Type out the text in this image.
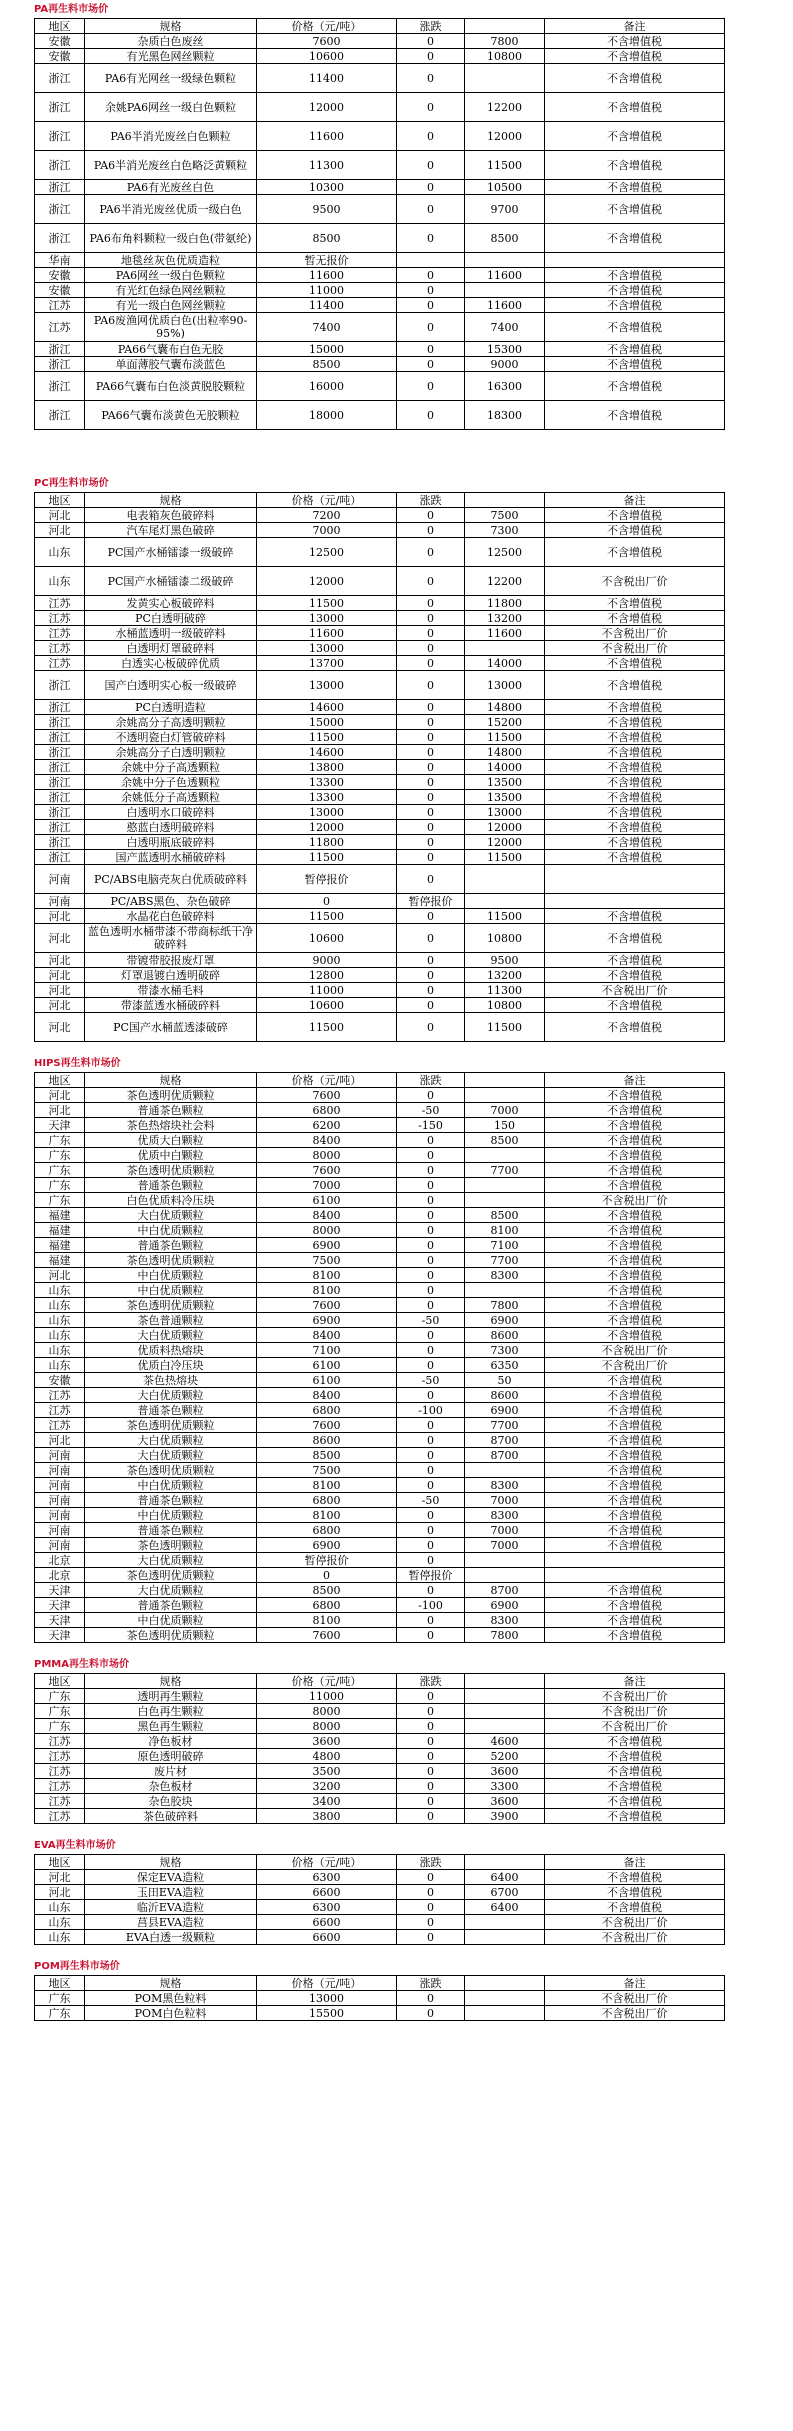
PA再生料市场价
地区	规格	价格（元/吨）	涨跌		备注
安徽	杂质白色废丝	7600	0	7800	不含增值税
安徽	有光黑色网丝颗粒	10600	0	10800	不含增值税
浙江	PA6有光网丝一级绿色颗粒	11400	0		不含增值税
浙江	余姚PA6网丝一级白色颗粒	12000	0	12200	不含增值税
浙江	PA6半消光废丝白色颗粒	11600	0	12000	不含增值税
浙江	PA6半消光废丝白色略泛黄颗粒	11300	0	11500	不含增值税
浙江	PA6有光废丝白色	10300	0	10500	不含增值税
浙江	PA6半消光废丝优质一级白色	9500	0	9700	不含增值税
浙江	PA6布角料颗粒一级白色(带氨纶)	8500	0	8500	不含增值税
华南	地毯丝灰色优质造粒	暂无报价			
安徽	PA6网丝一级白色颗粒	11600	0	11600	不含增值税
安徽	有光红色绿色网丝颗粒	11000	0		不含增值税
江苏	有光一级白色网丝颗粒	11400	0	11600	不含增值税
江苏	PA6废渔网优质白色(出粒率90-95%)	7400	0	7400	不含增值税
浙江	PA66气囊布白色无胶	15000	0	15300	不含增值税
浙江	单面薄胶气囊布淡蓝色	8500	0	9000	不含增值税
浙江	PA66气囊布白色淡黄脱胶颗粒	16000	0	16300	不含增值税
浙江	PA66气囊布淡黄色无胶颗粒	18000	0	18300	不含增值税
PC再生料市场价
地区	规格	价格（元/吨）	涨跌		备注
河北	电表箱灰色破碎料	7200	0	7500	不含增值税
河北	汽车尾灯黑色破碎	7000	0	7300	不含增值税
山东	PC国产水桶镭漆一级破碎	12500	0	12500	不含增值税
山东	PC国产水桶镭漆二级破碎	12000	0	12200	不含税出厂价
江苏	发黄实心板破碎料	11500	0	11800	不含增值税
江苏	PC白透明破碎	13000	0	13200	不含增值税
江苏	水桶蓝透明一级破碎料	11600	0	11600	不含税出厂价
江苏	白透明灯罩破碎料	13000	0		不含税出厂价
江苏	白透实心板破碎优质	13700	0	14000	不含增值税
浙江	国产白透明实心板一级破碎	13000	0	13000	不含增值税
浙江	PC白透明造粒	14600	0	14800	不含增值税
浙江	余姚高分子高透明颗粒	15000	0	15200	不含增值税
浙江	不透明瓷白灯管破碎料	11500	0	11500	不含增值税
浙江	余姚高分子白透明颗粒	14600	0	14800	不含增值税
浙江	余姚中分子高透颗粒	13800	0	14000	不含增值税
浙江	余姚中分子色透颗粒	13300	0	13500	不含增值税
浙江	余姚低分子高透颗粒	13300	0	13500	不含增值税
浙江	白透明水口破碎料	13000	0	13000	不含增值税
浙江	憨蓝白透明破碎料	12000	0	12000	不含增值税
浙江	白透明瓶底破碎料	11800	0	12000	不含增值税
浙江	国产蓝透明水桶破碎料	11500	0	11500	不含增值税
河南	PC/ABS电脑壳灰白优质破碎料	暂停报价	0		
河南	PC/ABS黑色、杂色破碎	0	暂停报价		
河北	水晶花白色破碎料	11500	0	11500	不含增值税
河北	蓝色透明水桶带漆不带商标纸干净破碎料	10600	0	10800	不含增值税
河北	带镀带胶报废灯罩	9000	0	9500	不含增值税
河北	灯罩退镀白透明破碎	12800	0	13200	不含增值税
河北	带漆水桶毛料	11000	0	11300	不含税出厂价
河北	带漆蓝透水桶破碎料	10600	0	10800	不含增值税
河北	PC国产水桶蓝透漆破碎	11500	0	11500	不含增值税
HIPS再生料市场价
地区	规格	价格（元/吨）	涨跌		备注
河北	茶色透明优质颗粒	7600	0		不含增值税
河北	普通茶色颗粒	6800	-50	7000	不含增值税
天津	茶色热熔块社会料	6200	-150	150	不含增值税
广东	优质大白颗粒	8400	0	8500	不含增值税
广东	优质中白颗粒	8000	0		不含增值税
广东	茶色透明优质颗粒	7600	0	7700	不含增值税
广东	普通茶色颗粒	7000	0		不含增值税
广东	白色优质料冷压块	6100	0		不含税出厂价
福建	大白优质颗粒	8400	0	8500	不含增值税
福建	中白优质颗粒	8000	0	8100	不含增值税
福建	普通茶色颗粒	6900	0	7100	不含增值税
福建	茶色透明优质颗粒	7500	0	7700	不含增值税
河北	中白优质颗粒	8100	0	8300	不含增值税
山东	中白优质颗粒	8100	0		不含增值税
山东	茶色透明优质颗粒	7600	0	7800	不含增值税
山东	茶色普通颗粒	6900	-50	6900	不含增值税
山东	大白优质颗粒	8400	0	8600	不含增值税
山东	优质料热熔块	7100	0	7300	不含税出厂价
山东	优质白冷压块	6100	0	6350	不含税出厂价
安徽	茶色热熔块	6100	-50	50	不含增值税
江苏	大白优质颗粒	8400	0	8600	不含增值税
江苏	普通茶色颗粒	6800	-100	6900	不含增值税
江苏	茶色透明优质颗粒	7600	0	7700	不含增值税
河北	大白优质颗粒	8600	0	8700	不含增值税
河南	大白优质颗粒	8500	0	8700	不含增值税
河南	茶色透明优质颗粒	7500	0		不含增值税
河南	中白优质颗粒	8100	0	8300	不含增值税
河南	普通茶色颗粒	6800	-50	7000	不含增值税
河南	中白优质颗粒	8100	0	8300	不含增值税
河南	普通茶色颗粒	6800	0	7000	不含增值税
河南	茶色透明颗粒	6900	0	7000	不含增值税
北京	大白优质颗粒	暂停报价	0		
北京	茶色透明优质颗粒	0	暂停报价		
天津	大白优质颗粒	8500	0	8700	不含增值税
天津	普通茶色颗粒	6800	-100	6900	不含增值税
天津	中白优质颗粒	8100	0	8300	不含增值税
天津	茶色透明优质颗粒	7600	0	7800	不含增值税
PMMA再生料市场价
地区	规格	价格（元/吨）	涨跌		备注
广东	透明再生颗粒	11000	0		不含税出厂价
广东	白色再生颗粒	8000	0		不含税出厂价
广东	黑色再生颗粒	8000	0		不含税出厂价
江苏	净色板材	3600	0	4600	不含增值税
江苏	原色透明破碎	4800	0	5200	不含增值税
江苏	废片材	3500	0	3600	不含增值税
江苏	杂色板材	3200	0	3300	不含增值税
江苏	杂色胶块	3400	0	3600	不含增值税
江苏	茶色破碎料	3800	0	3900	不含增值税
EVA再生料市场价
地区	规格	价格（元/吨）	涨跌		备注
河北	保定EVA造粒	6300	0	6400	不含增值税
河北	玉田EVA造粒	6600	0	6700	不含增值税
山东	临沂EVA造粒	6300	0	6400	不含增值税
山东	莒县EVA造粒	6600	0		不含税出厂价
山东	EVA白透一级颗粒	6600	0		不含税出厂价
POM再生料市场价
地区	规格	价格（元/吨）	涨跌		备注
广东	POM黑色粒料	13000	0		不含税出厂价
广东	POM白色粒料	15500	0		不含税出厂价
